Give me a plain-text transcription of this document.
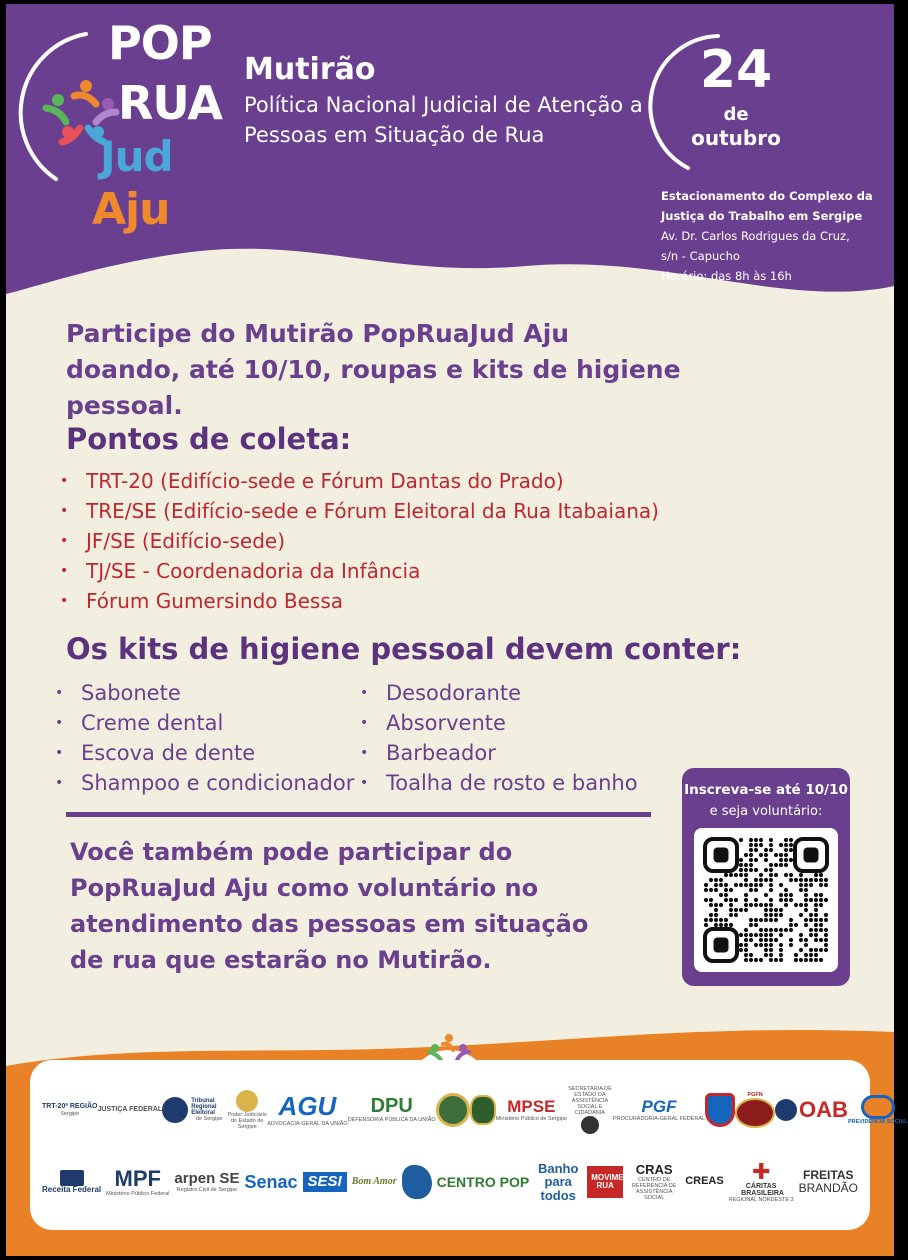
POP
RUA
Jud
Aju
Mutirão
Política Nacional Judicial de Atenção a Pessoas em Situação de Rua
24
de
outubro
Estacionamento do Complexo da
Justiça do Trabalho em Sergipe
Av. Dr. Carlos Rodrigues da Cruz,
s/n - Capucho
Horário: das 8h às 16h
Participe do Mutirão PopRuaJud Aju doando, até 10/10, roupas e kits de higiene pessoal.
Pontos de coleta:
• TRT-20 (Edifício-sede e Fórum Dantas do Prado)
• TRE/SE (Edifício-sede e Fórum Eleitoral da Rua Itabaiana)
• JF/SE (Edifício-sede)
• TJ/SE - Coordenadoria da Infância
• Fórum Gumersindo Bessa
Os kits de higiene pessoal devem conter:
• Sabonete
• Creme dental
• Escova de dente
• Shampoo e condicionador
• Desodorante
• Absorvente
• Barbeador
• Toalha de rosto e banho
Você também pode participar do PopRuaJud Aju como voluntário no atendimento das pessoas em situação de rua que estarão no Mutirão.
Inscreva-se até 10/10
e seja voluntário:
TRT-20ª REGIÃO
Sergipe
JUSTIÇA FEDERAL
Tribunal Regional Eleitoral
de Sergipe
Poder Judiciário do Estado de Sergipe
AGU
ADVOCACIA-GERAL DA UNIÃO
DPU
DEFENSORIA PÚBLICA DA UNIÃO
MPSE
Ministério Público de Sergipe
SECRETARIA DE ESTADO DA ASSISTÊNCIA SOCIAL E CIDADANIA	PGF
PROCURADORIA-GERAL FEDERAL
PGFN
OAB PREVIDÊNCIA SOCIAL
Receita Federal MPF
Ministério Público Federal
arpen SE
Registro Civil de Sergipe Senac SESI	Bom Amor	CENTRO POP
Banho para todos
MOVIMENTO RUA
CRAS
CENTRO DE REFERÊNCIA DE ASSISTÊNCIA SOCIAL
CREAS ✚
CÁRITAS BRASILEIRA
REGIONAL NORDESTE 3
FREITAS
BRANDÃO
